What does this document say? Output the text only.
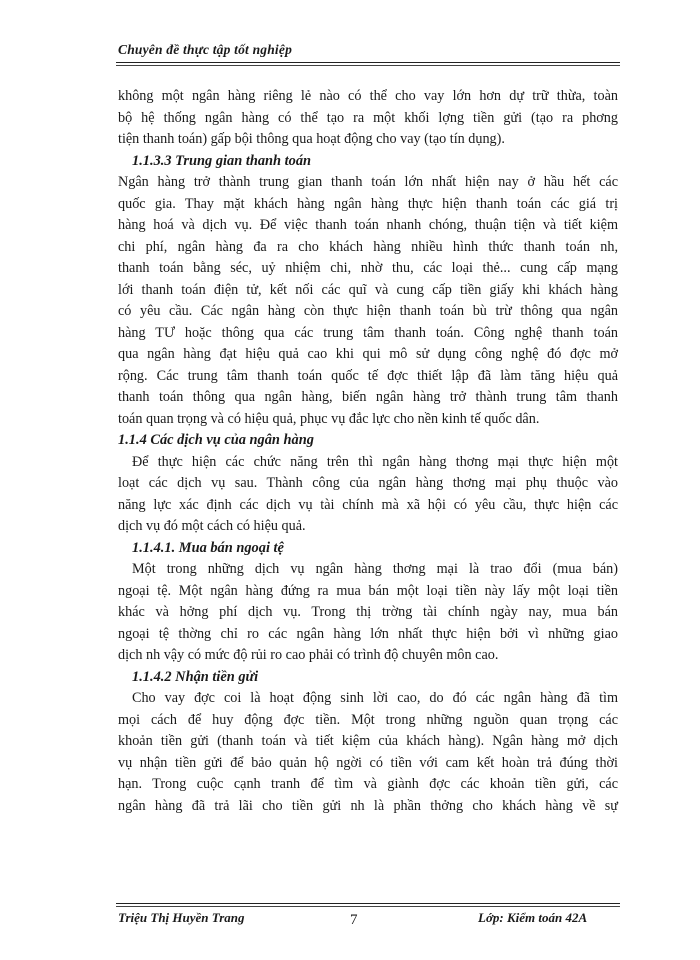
Chuyên đề thực tập tốt nghiệp
không một ngân hàng riêng lẻ nào có thể cho vay lớn hơn dự trữ thừa, toàn
bộ hệ thống ngân hàng có thể tạo ra một khối lợng tiền gửi (tạo ra phơng
tiện thanh toán) gấp bội thông qua hoạt động cho vay (tạo tín dụng).
1.1.3.3 Trung gian thanh toán
Ngân hàng trở thành trung gian thanh toán lớn nhất hiện nay ở hầu hết các
quốc gia. Thay mặt khách hàng ngân hàng thực hiện thanh toán các giá trị
hàng hoá và dịch vụ. Để việc thanh toán nhanh chóng, thuận tiện và tiết kiệm
chi phí, ngân hàng đa ra cho khách hàng nhiều hình thức thanh toán nh,
thanh toán bằng séc, uỷ nhiệm chi, nhờ thu, các loại thẻ... cung cấp mạng
lới thanh toán điện tử, kết nối các quĩ và cung cấp tiền giấy khi khách hàng
có yêu cầu. Các ngân hàng còn thực hiện thanh toán bù trừ thông qua ngân
hàng TƯ hoặc thông qua các trung tâm thanh toán. Công nghệ thanh toán
qua ngân hàng đạt hiệu quả cao khi qui mô sử dụng công nghệ đó đợc mở
rộng. Các trung tâm thanh toán quốc tế đợc thiết lập đã làm tăng hiệu quả
thanh toán thông qua ngân hàng, biến ngân hàng trở thành trung tâm thanh
toán quan trọng và có hiệu quả, phục vụ đắc lực cho nền kinh tế quốc dân.
1.1.4 Các dịch vụ của ngân hàng
Để thực hiện các chức năng trên thì ngân hàng thơng mại thực hiện một
loạt các dịch vụ sau. Thành công của ngân hàng thơng mại phụ thuộc vào
năng lực xác định các dịch vụ tài chính mà xã hội có yêu cầu, thực hiện các
dịch vụ đó một cách có hiệu quả.
1.1.4.1. Mua bán ngoại tệ
Một trong những dịch vụ ngân hàng thơng mại là trao đổi (mua bán)
ngoại tệ. Một ngân hàng đứng ra mua bán một loại tiền này lấy một loại tiền
khác và hởng phí dịch vụ. Trong thị trờng tài chính ngày nay, mua bán
ngoại tệ thờng chỉ ro các ngân hàng lớn nhất thực hiện bởi vì những giao
dịch nh vậy có mức độ rủi ro cao phải có trình độ chuyên môn cao.
1.1.4.2 Nhận tiền gửi
Cho vay đợc coi là hoạt động sinh lời cao, do đó các ngân hàng đã tìm
mọi cách để huy động đợc tiền. Một trong những nguồn quan trọng các
khoản tiền gửi (thanh toán và tiết kiệm của khách hàng). Ngân hàng mở dịch
vụ nhận tiền gửi để bảo quản hộ ngời có tiền với cam kết hoàn trả đúng thời
hạn. Trong cuộc cạnh tranh để tìm và giành đợc các khoản tiền gửi, các
ngân hàng đã trả lãi cho tiền gửi nh là phần thởng cho khách hàng về sự
Triệu Thị Huyền Trang	7	Lớp: Kiểm toán 42A
